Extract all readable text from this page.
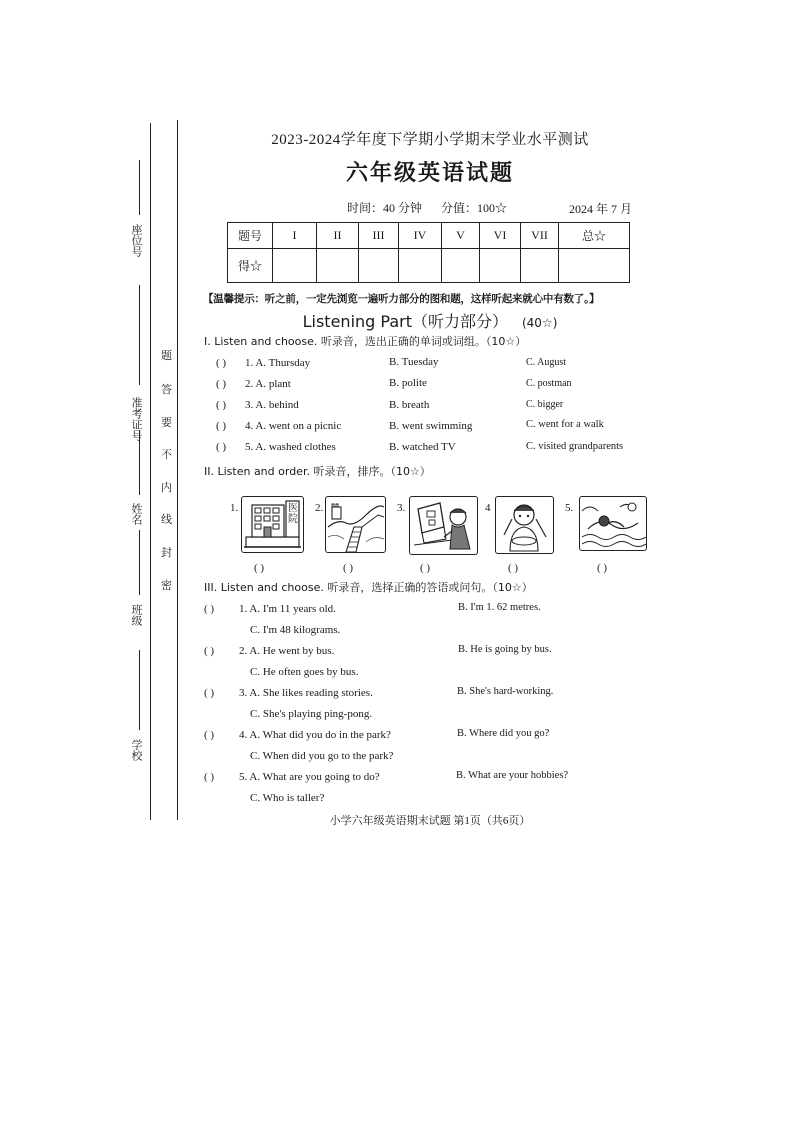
座位号
准考证号
姓名
班级
学校
题
答
要
不
内
线
封
密
2023-2024学年度下学期小学期末学业水平测试
六年级英语试题
时间：40 分钟 分值：100☆	2024 年 7 月
题号	I	II	III	IV	V	VI	VII	总☆
得☆								
【温馨提示：听之前，一定先浏览一遍听力部分的图和题，这样听起来就心中有数了。】
Listening Part（听力部分） (40☆)
I. Listen and choose. 听录音，选出正确的单词或词组。（10☆）
( ) 1. A. Thursday	B. Tuesday	C. August
( ) 2. A. plant	B. polite	C. postman
( ) 3. A. behind	B. breath	C. bigger
( ) 4. A. went on a picnic	B. went swimming	C. went for a walk
( ) 5. A. washed clothes	B. watched TV	C. visited grandparents
II. Listen and order. 听录音，排序。（10☆）
1.	医院
2.	3.	4	5.
( )	( )	( )	( )	( )
III. Listen and choose. 听录音，选择正确的答语或问句。（10☆）
( ) 1. A. I'm 11 years old.	B. I'm 1. 62 metres.
C. I'm 48 kilograms.
( ) 2. A. He went by bus.	B. He is going by bus.
C. He often goes by bus.
( ) 3. A. She likes reading stories.	B. She's hard-working.
C. She's playing ping-pong.
( ) 4. A. What did you do in the park?	B. Where did you go?
C. When did you go to the park?
( ) 5. A. What are you going to do?	B. What are your hobbies?
C. Who is taller?
小学六年级英语期末试题 第1页（共6页）
